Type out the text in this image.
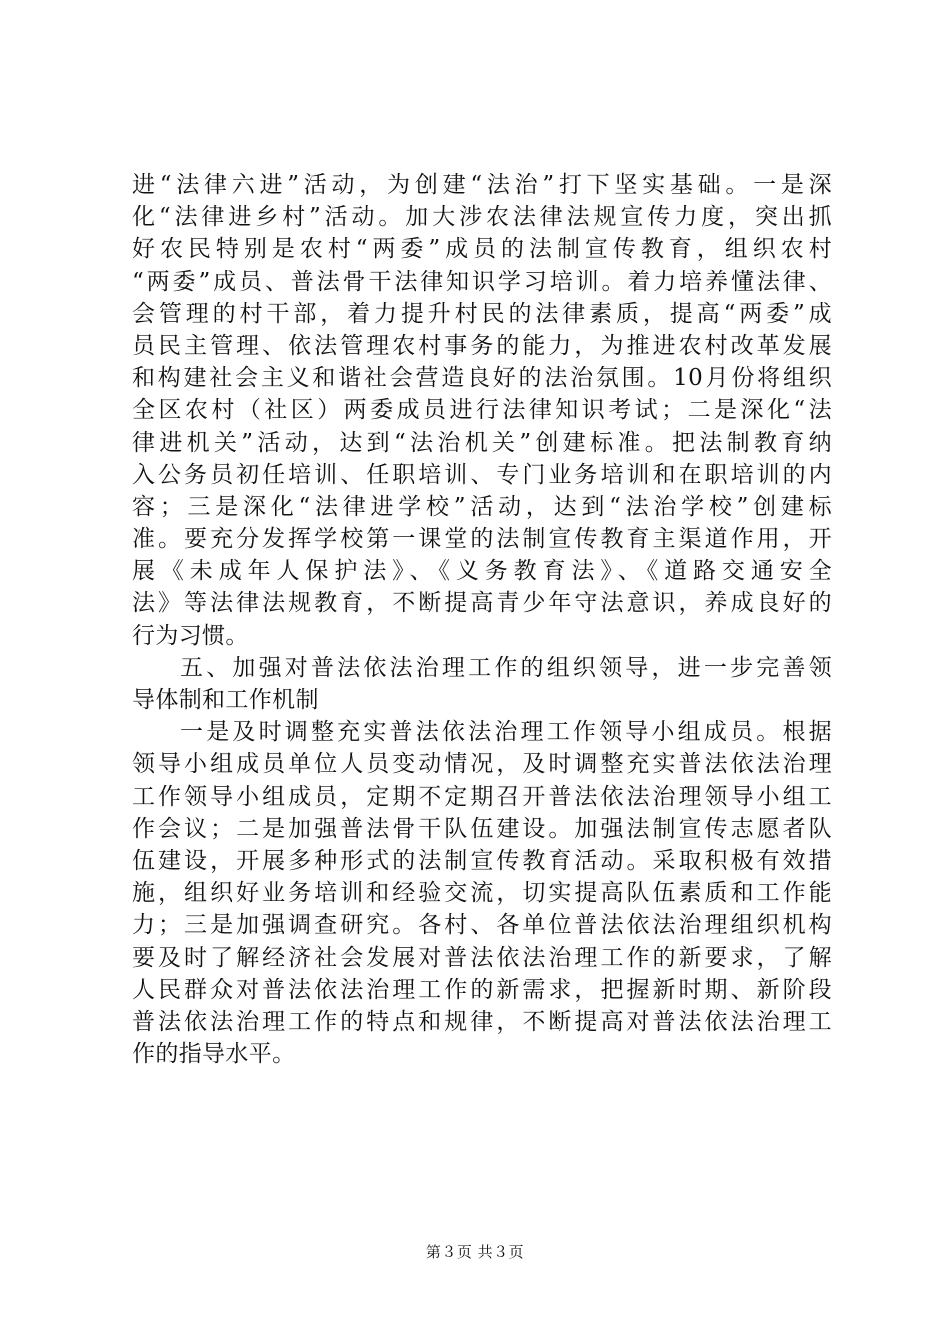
进“法律六进”活动，为创建“法治”打下坚实基础。一是深
化“法律进乡村”活动。加大涉农法律法规宣传力度，突出抓
好农民特别是农村“两委”成员的法制宣传教育，组织农村
“两委”成员、普法骨干法律知识学习培训。着力培养懂法律、
会管理的村干部，着力提升村民的法律素质，提高“两委”成
员民主管理、依法管理农村事务的能力，为推进农村改革发展
和构建社会主义和谐社会营造良好的法治氛围。10月份将组织
全区农村（社区）两委成员进行法律知识考试；二是深化“法
律进机关”活动，达到“法治机关”创建标准。把法制教育纳
入公务员初任培训、任职培训、专门业务培训和在职培训的内
容；三是深化“法律进学校”活动，达到“法治学校”创建标
准。要充分发挥学校第一课堂的法制宣传教育主渠道作用，开
展《未成年人保护法》、《义务教育法》、《道路交通安全
法》等法律法规教育，不断提高青少年守法意识，养成良好的
行为习惯。
五、加强对普法依法治理工作的组织领导，进一步完善领
导体制和工作机制
一是及时调整充实普法依法治理工作领导小组成员。根据
领导小组成员单位人员变动情况，及时调整充实普法依法治理
工作领导小组成员，定期不定期召开普法依法治理领导小组工
作会议；二是加强普法骨干队伍建设。加强法制宣传志愿者队
伍建设，开展多种形式的法制宣传教育活动。采取积极有效措
施，组织好业务培训和经验交流，切实提高队伍素质和工作能
力；三是加强调查研究。各村、各单位普法依法治理组织机构
要及时了解经济社会发展对普法依法治理工作的新要求，了解
人民群众对普法依法治理工作的新需求，把握新时期、新阶段
普法依法治理工作的特点和规律，不断提高对普法依法治理工
作的指导水平。
第３页 共３页
